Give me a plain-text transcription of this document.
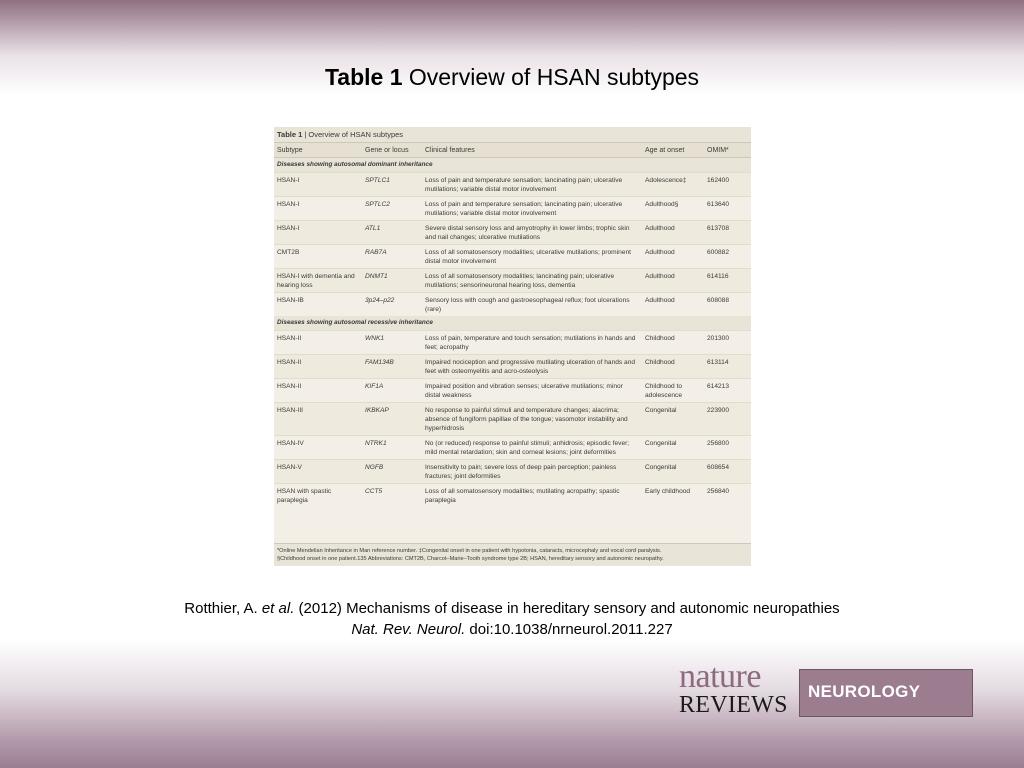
Table 1 Overview of HSAN subtypes
Table 1 | Overview of HSAN subtypes
Subtype	Gene or locus	Clinical features	Age at onset	OMIM*
Diseases showing autosomal dominant inheritance				
HSAN-I	SPTLC1	Loss of pain and temperature sensation; lancinating pain; ulcerative mutilations; variable distal motor involvement	Adolescence‡	162400
HSAN-I	SPTLC2	Loss of pain and temperature sensation; lancinating pain; ulcerative mutilations; variable distal motor involvement	Adulthood§	613640
HSAN-I	ATL1	Severe distal sensory loss and amyotrophy in lower limbs; trophic skin and nail changes; ulcerative mutilations	Adulthood	613708
CMT2B	RAB7A	Loss of all somatosensory modalities; ulcerative mutilations; prominent distal motor involvement	Adulthood	600882
HSAN-I with dementia and hearing loss	DNMT1	Loss of all somatosensory modalities; lancinating pain; ulcerative mutilations; sensorineuronal hearing loss, dementia	Adulthood	614116
HSAN-IB	3p24–p22	Sensory loss with cough and gastroesophageal reflux; foot ulcerations (rare)	Adulthood	608088
Diseases showing autosomal recessive inheritance				
HSAN-II	WNK1	Loss of pain, temperature and touch sensation; mutilations in hands and feet; acropathy	Childhood	201300
HSAN-II	FAM134B	Impaired nociception and progressive mutilating ulceration of hands and feet with osteomyelitis and acro-osteolysis	Childhood	613114
HSAN-II	KIF1A	Impaired position and vibration senses; ulcerative mutilations; minor distal weakness	Childhood to adolescence	614213
HSAN-III	IKBKAP	No response to painful stimuli and temperature changes; alacrima; absence of fungiform papillae of the tongue; vasomotor instability and hyperhidrosis	Congenital	223900
HSAN-IV	NTRK1	No (or reduced) response to painful stimuli; anhidrosis; episodic fever; mild mental retardation; skin and corneal lesions; joint deformities	Congenital	256800
HSAN-V	NGFB	Insensitivity to pain; severe loss of deep pain perception; painless fractures; joint deformities	Congenital	608654
HSAN with spastic paraplegia	CCT5	Loss of all somatosensory modalities; mutilating acropathy; spastic paraplegia	Early childhood	256840
*Online Mendelian Inheritance in Man reference number. ‡Congenital onset in one patient with hypotonia, cataracts, microcephaly and vocal cord paralysis.
§Childhood onset in one patient.135 Abbreviations: CMT2B, Charcot–Marie–Tooth syndrome type 2B; HSAN, hereditary sensory and autonomic neuropathy.
Rotthier, A. et al. (2012) Mechanisms of disease in hereditary sensory and autonomic neuropathies
Nat. Rev. Neurol. doi:10.1038/nrneurol.2011.227
nature
REVIEWS
NEUROLOGY
